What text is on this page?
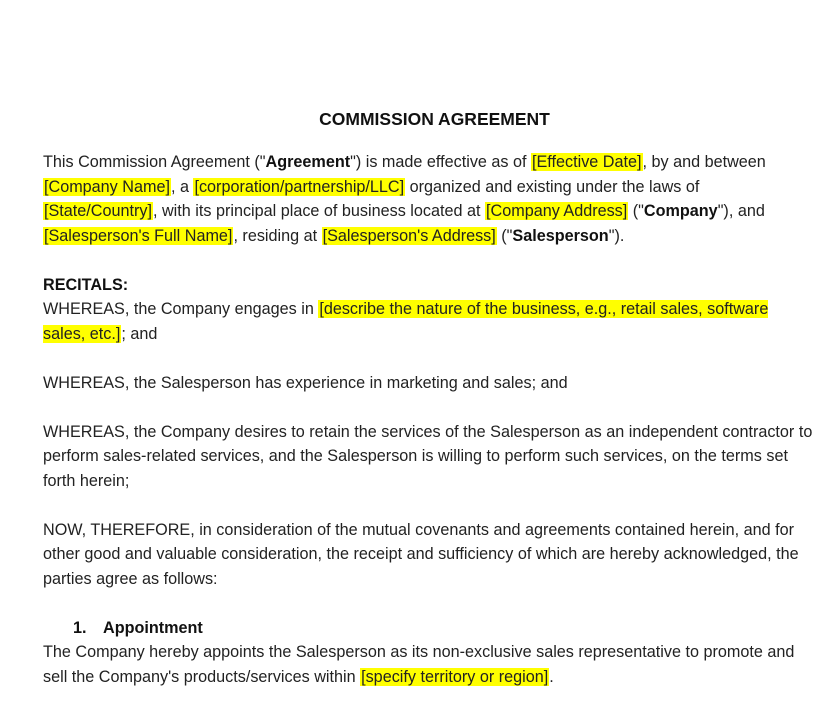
COMMISSION AGREEMENT

This Commission Agreement ("Agreement") is made effective as of [Effective Date], by and between [Company Name], a [corporation/partnership/LLC] organized and existing under the laws of [State/Country], with its principal place of business located at [Company Address] ("Company"), and [Salesperson's Full Name], residing at [Salesperson's Address] ("Salesperson").

RECITALS:

WHEREAS, the Company engages in [describe the nature of the business, e.g., retail sales, software sales, etc.]; and

WHEREAS, the Salesperson has experience in marketing and sales; and

WHEREAS, the Company desires to retain the services of the Salesperson as an independent contractor to perform sales-related services, and the Salesperson is willing to perform such services, on the terms set forth herein;

NOW, THEREFORE, in consideration of the mutual covenants and agreements contained herein, and for other good and valuable consideration, the receipt and sufficiency of which are hereby acknowledged, the parties agree as follows:

1. Appointment

The Company hereby appoints the Salesperson as its non-exclusive sales representative to promote and sell the Company's products/services within [specify territory or region].
